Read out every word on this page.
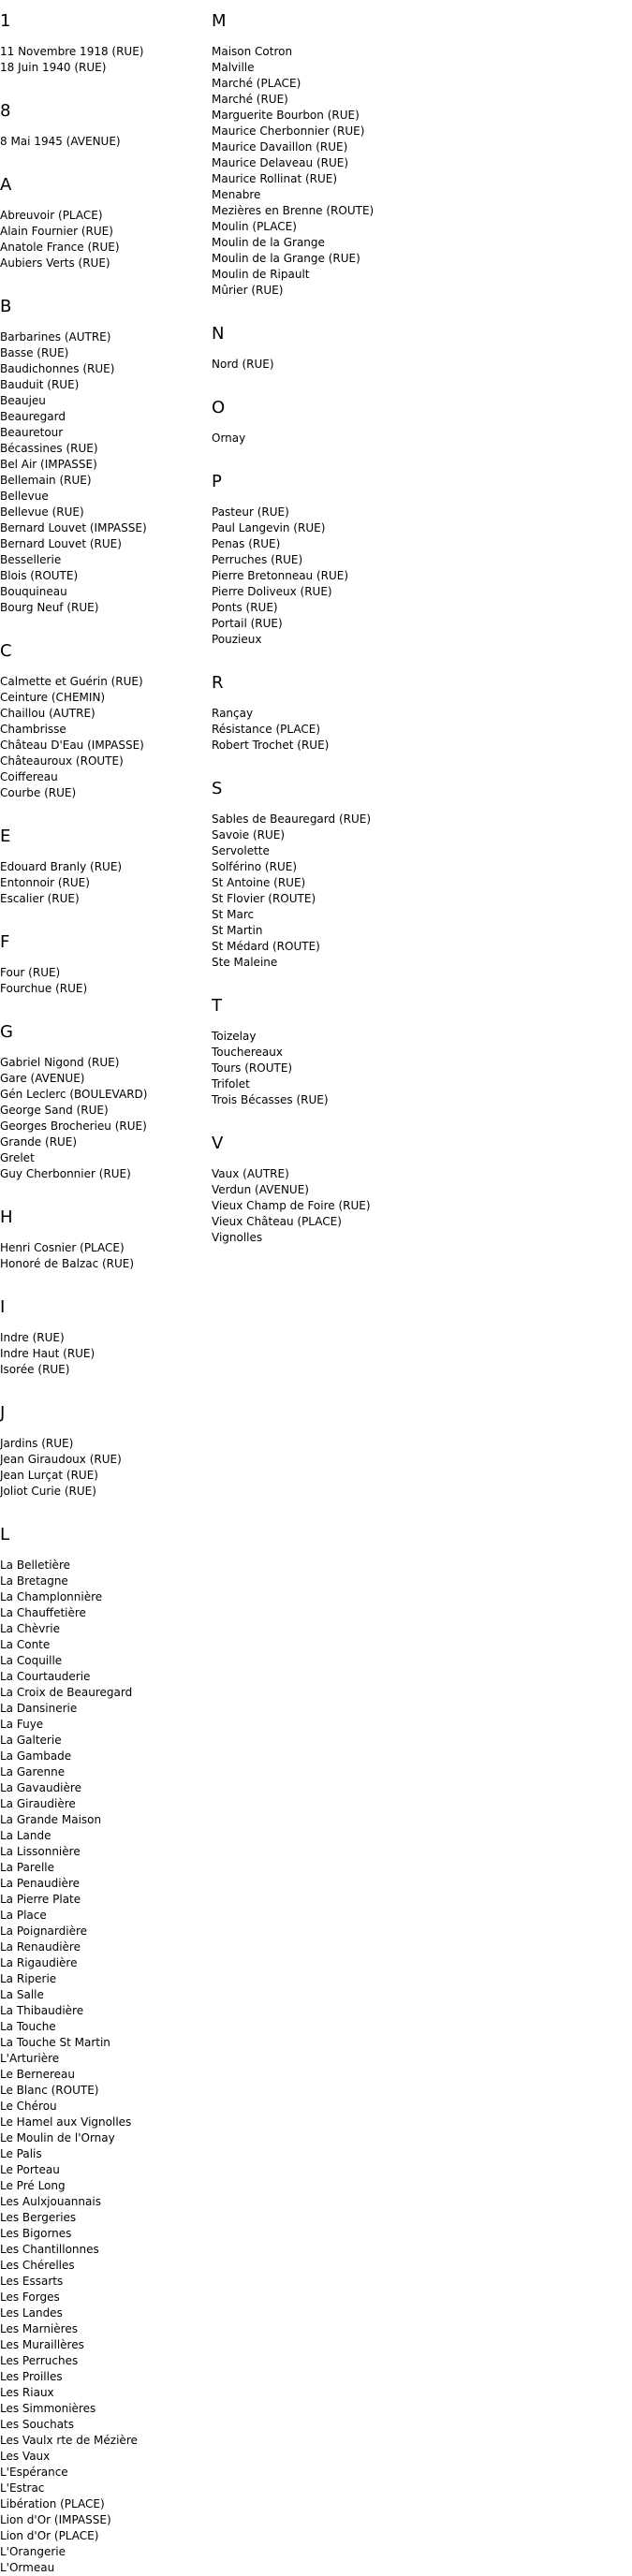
1
11 Novembre 1918 (RUE)
18 Juin 1940 (RUE)
8
8 Mai 1945 (AVENUE)
A
Abreuvoir (PLACE)
Alain Fournier (RUE)
Anatole France (RUE)
Aubiers Verts (RUE)
B
Barbarines (AUTRE)
Basse (RUE)
Baudichonnes (RUE)
Bauduit (RUE)
Beaujeu
Beauregard
Beauretour
Bécassines (RUE)
Bel Air (IMPASSE)
Bellemain (RUE)
Bellevue
Bellevue (RUE)
Bernard Louvet (IMPASSE)
Bernard Louvet (RUE)
Bessellerie
Blois (ROUTE)
Bouquineau
Bourg Neuf (RUE)
C
Calmette et Guérin (RUE)
Ceinture (CHEMIN)
Chaillou (AUTRE)
Chambrisse
Château D'Eau (IMPASSE)
Châteauroux (ROUTE)
Coiffereau
Courbe (RUE)
E
Edouard Branly (RUE)
Entonnoir (RUE)
Escalier (RUE)
F
Four (RUE)
Fourchue (RUE)
G
Gabriel Nigond (RUE)
Gare (AVENUE)
Gén Leclerc (BOULEVARD)
George Sand (RUE)
Georges Brocherieu (RUE)
Grande (RUE)
Grelet
Guy Cherbonnier (RUE)
H
Henri Cosnier (PLACE)
Honoré de Balzac (RUE)
I
Indre (RUE)
Indre Haut (RUE)
Isorée (RUE)
J
Jardins (RUE)
Jean Giraudoux (RUE)
Jean Lurçat (RUE)
Joliot Curie (RUE)
L
La Belletière
La Bretagne
La Champlonnière
La Chauffetière
La Chèvrie
La Conte
La Coquille
La Courtauderie
La Croix de Beauregard
La Dansinerie
La Fuye
La Galterie
La Gambade
La Garenne
La Gavaudière
La Giraudière
La Grande Maison
La Lande
La Lissonnière
La Parelle
La Penaudière
La Pierre Plate
La Place
La Poignardière
La Renaudière
La Rigaudière
La Riperie
La Salle
La Thibaudière
La Touche
La Touche St Martin
L'Arturière
Le Bernereau
Le Blanc (ROUTE)
Le Chérou
Le Hamel aux Vignolles
Le Moulin de l'Ornay
Le Palis
Le Porteau
Le Pré Long
Les Aulxjouannais
Les Bergeries
Les Bigornes
Les Chantillonnes
Les Chérelles
Les Essarts
Les Forges
Les Landes
Les Marnières
Les Muraillères
Les Perruches
Les Proilles
Les Riaux
Les Simmonières
Les Souchats
Les Vaulx rte de Mézière
Les Vaux
L'Espérance
L'Estrac
Libération (PLACE)
Lion d'Or (IMPASSE)
Lion d'Or (PLACE)
L'Orangerie
L'Ormeau
M
Maison Cotron
Malville
Marché (PLACE)
Marché (RUE)
Marguerite Bourbon (RUE)
Maurice Cherbonnier (RUE)
Maurice Davaillon (RUE)
Maurice Delaveau (RUE)
Maurice Rollinat (RUE)
Menabre
Mezières en Brenne (ROUTE)
Moulin (PLACE)
Moulin de la Grange
Moulin de la Grange (RUE)
Moulin de Ripault
Mûrier (RUE)
N
Nord (RUE)
O
Ornay
P
Pasteur (RUE)
Paul Langevin (RUE)
Penas (RUE)
Perruches (RUE)
Pierre Bretonneau (RUE)
Pierre Doliveux (RUE)
Ponts (RUE)
Portail (RUE)
Pouzieux
R
Rançay
Résistance (PLACE)
Robert Trochet (RUE)
S
Sables de Beauregard (RUE)
Savoie (RUE)
Servolette
Solférino (RUE)
St Antoine (RUE)
St Flovier (ROUTE)
St Marc
St Martin
St Médard (ROUTE)
Ste Maleine
T
Toizelay
Touchereaux
Tours (ROUTE)
Trifolet
Trois Bécasses (RUE)
V
Vaux (AUTRE)
Verdun (AVENUE)
Vieux Champ de Foire (RUE)
Vieux Château (PLACE)
Vignolles
